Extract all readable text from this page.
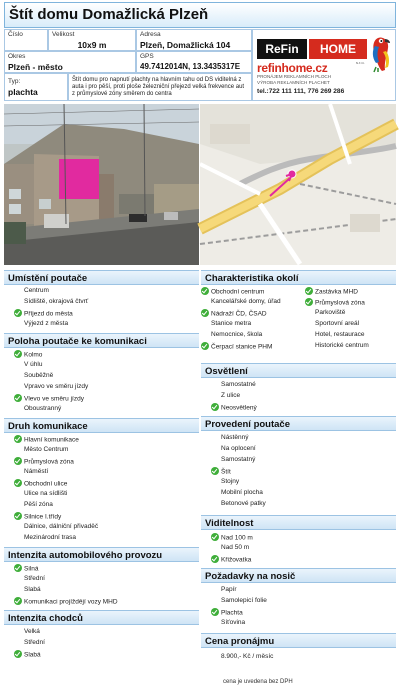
Štít domu Domažlická Plzeň
Číslo	Velikost
10x9 m
Adresa
Plzeň, Domažlická 104
Okres
Plzeň - město
GPS
49.7412014N, 13.3435317E
Typ:
plachta
Štít domu pro napnutí plachty na hlavním tahu od DS viditelná z auta i pro pěší, proti ploše železniční přejezd velká frekvence aut z průmyslové zóny směrem do centra
ReFin	HOME
s.r.o.
refinhome.cz
PRONÁJEM REKLAMNÍCH PLOCH
VÝROBA REKLAMNÍCH PLACHET
tel.:722 111 111, 776 269 286
Umístění poutače
Centrum
Sídliště, okrajová čtvrť
Příjezd do města
Výjezd z města
Poloha poutače ke komunikaci
Kolmo
V úhlu
Souběžně
Vpravo ve směru jízdy
Vlevo ve směru jízdy
Oboustranný
Druh komunikace
Hlavní komunikace
Město Centrum
Průmyslová zóna
Náměstí
Obchodní ulice
Ulice na sídlišti
Pěší zóna
Silnice I.třídy
Dálnice, dálniční přivaděč
Mezinárodní trasa
Intenzita automobilového provozu
Silná
Střední
Slabá
Komunikaci projíždějí vozy MHD
Intenzita chodců
Velká
Střední
Slabá
Charakteristika okolí
Obchodní centrum
Kancelářské domy, úřad
Nádraží ČD, ČSAD
Stanice metra
Nemocnice, škola
Čerpací stanice PHM
Zastávka MHD
Průmyslová zóna
Parkoviště
Sportovní areál
Hotel, restaurace
Historické centrum
Osvětlení
Samostatné
Z ulice
Neosvětlený
Provedení poutače
Nástěnný
Na oplocení
Samostatný
Štít
Stojny
Mobilní plocha
Betonové patky
Viditelnost
Nad 100 m
Nad 50 m
Křižovatka
Požadavky na nosič
Papír
Samolepicí folie
Plachta
Síťovina
Cena pronájmu
8.900,- Kč / měsíc
cena je uvedena bez DPH
